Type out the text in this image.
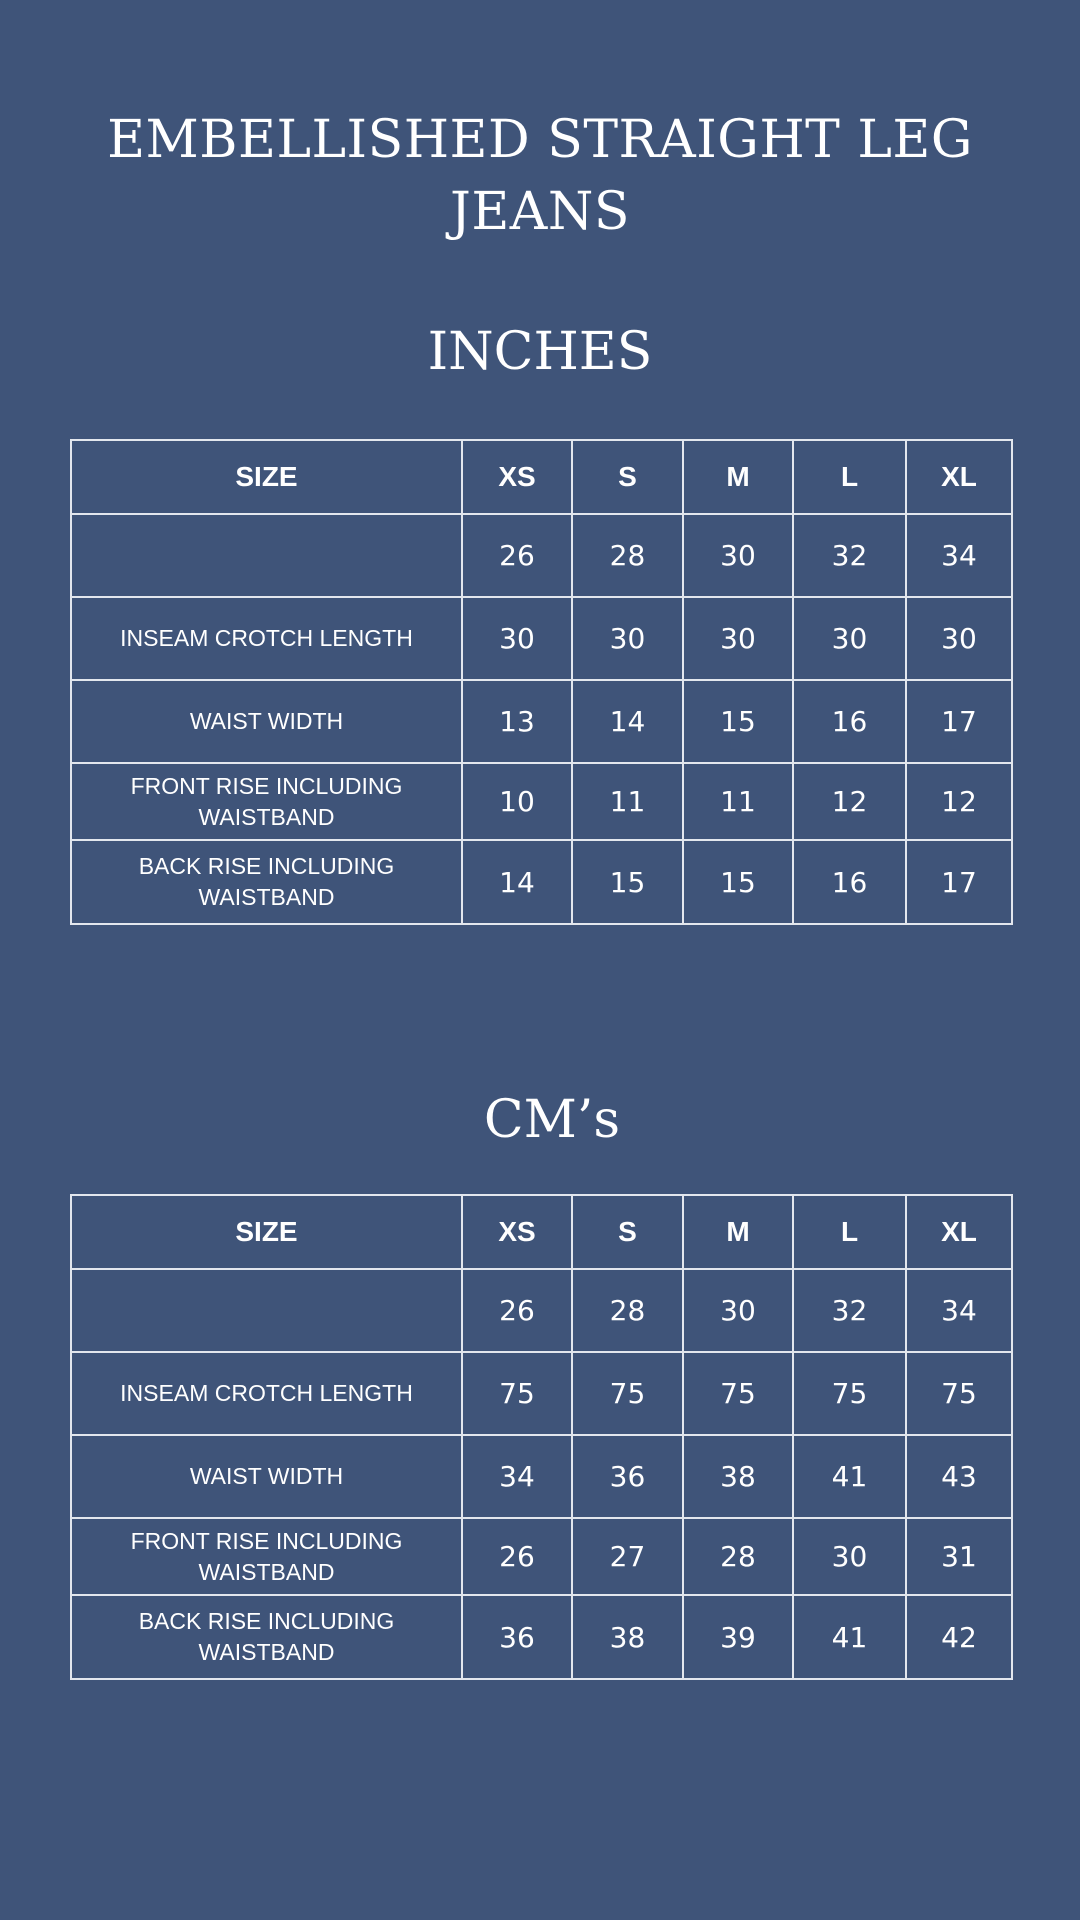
EMBELLISHED STRAIGHT LEG
JEANS
INCHES
SIZE	XS	S	M	L	XL
	26	28	30	32	34
INSEAM CROTCH LENGTH	30	30	30	30	30
WAIST WIDTH	13	14	15	16	17
FRONT RISE INCLUDING WAISTBAND	10	11	11	12	12
BACK RISE INCLUDING WAISTBAND	14	15	15	16	17
CM’s
SIZE	XS	S	M	L	XL
	26	28	30	32	34
INSEAM CROTCH LENGTH	75	75	75	75	75
WAIST WIDTH	34	36	38	41	43
FRONT RISE INCLUDING WAISTBAND	26	27	28	30	31
BACK RISE INCLUDING WAISTBAND	36	38	39	41	42
